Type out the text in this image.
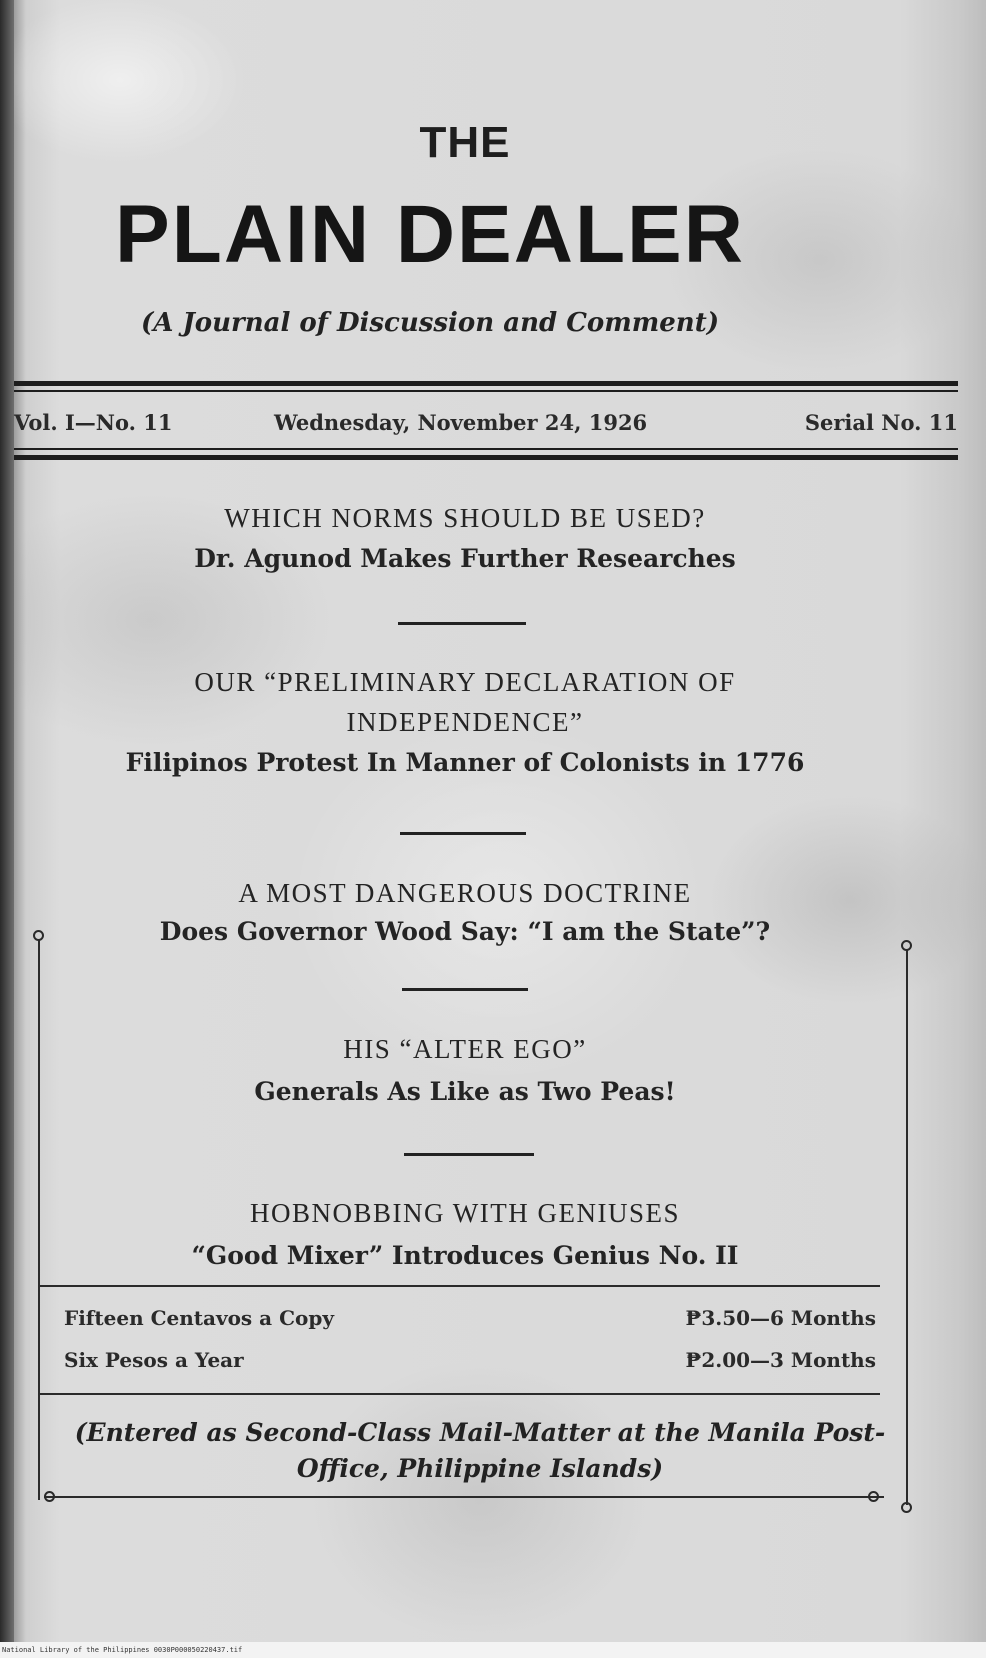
THE
PLAIN DEALER
(A Journal of Discussion and Comment)
Vol. I—No. 11	Wednesday, November 24, 1926	Serial No. 11
WHICH NORMS SHOULD BE USED?
Dr. Agunod Makes Further Researches
OUR “PRELIMINARY DECLARATION OF INDEPENDENCE”
Filipinos Protest In Manner of Colonists in 1776
A MOST DANGEROUS DOCTRINE
Does Governor Wood Say: “I am the State”?
HIS “ALTER EGO”
Generals As Like as Two Peas!
HOBNOBBING WITH GENIUSES
“Good Mixer” Introduces Genius No. II
Fifteen Centavos a Copy	₱3.50—6 Months
Six Pesos a Year	₱2.00—3 Months
(Entered as Second-Class Mail-Matter at the Manila Post-Office, Philippine Islands)
National Library of the Philippines 0030P000050220437.tif
